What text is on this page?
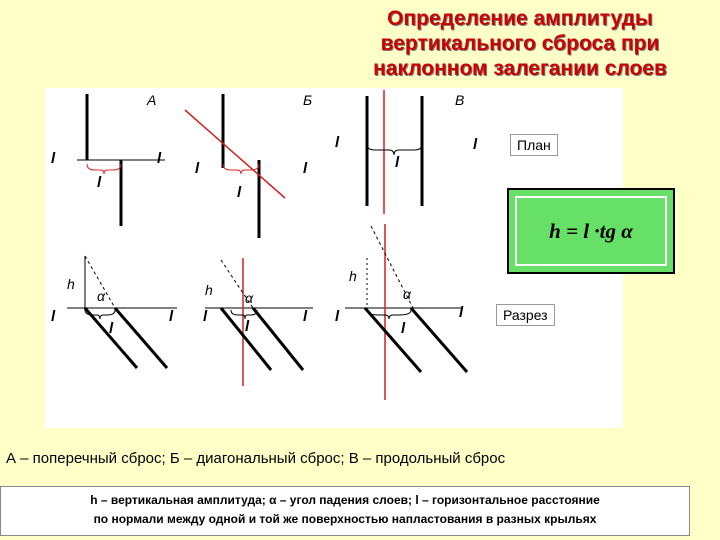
Определение амплитуды
вертикального сброса при
наклонном залегании слоев
А	Б	В
l	l
l
l	l
l
l
l
l
h
α
l	l
l
h α
l	l
l
h
α
l	l
l
План
Разрез
h = l ·tg α
А – поперечный сброс; Б – диагональный сброс; В – продольный сброс
h – вертикальная амплитуда; α – угол падения слоев; l – горизонтальное расстояние
по нормали между одной и той же поверхностью напластования в разных крыльях
